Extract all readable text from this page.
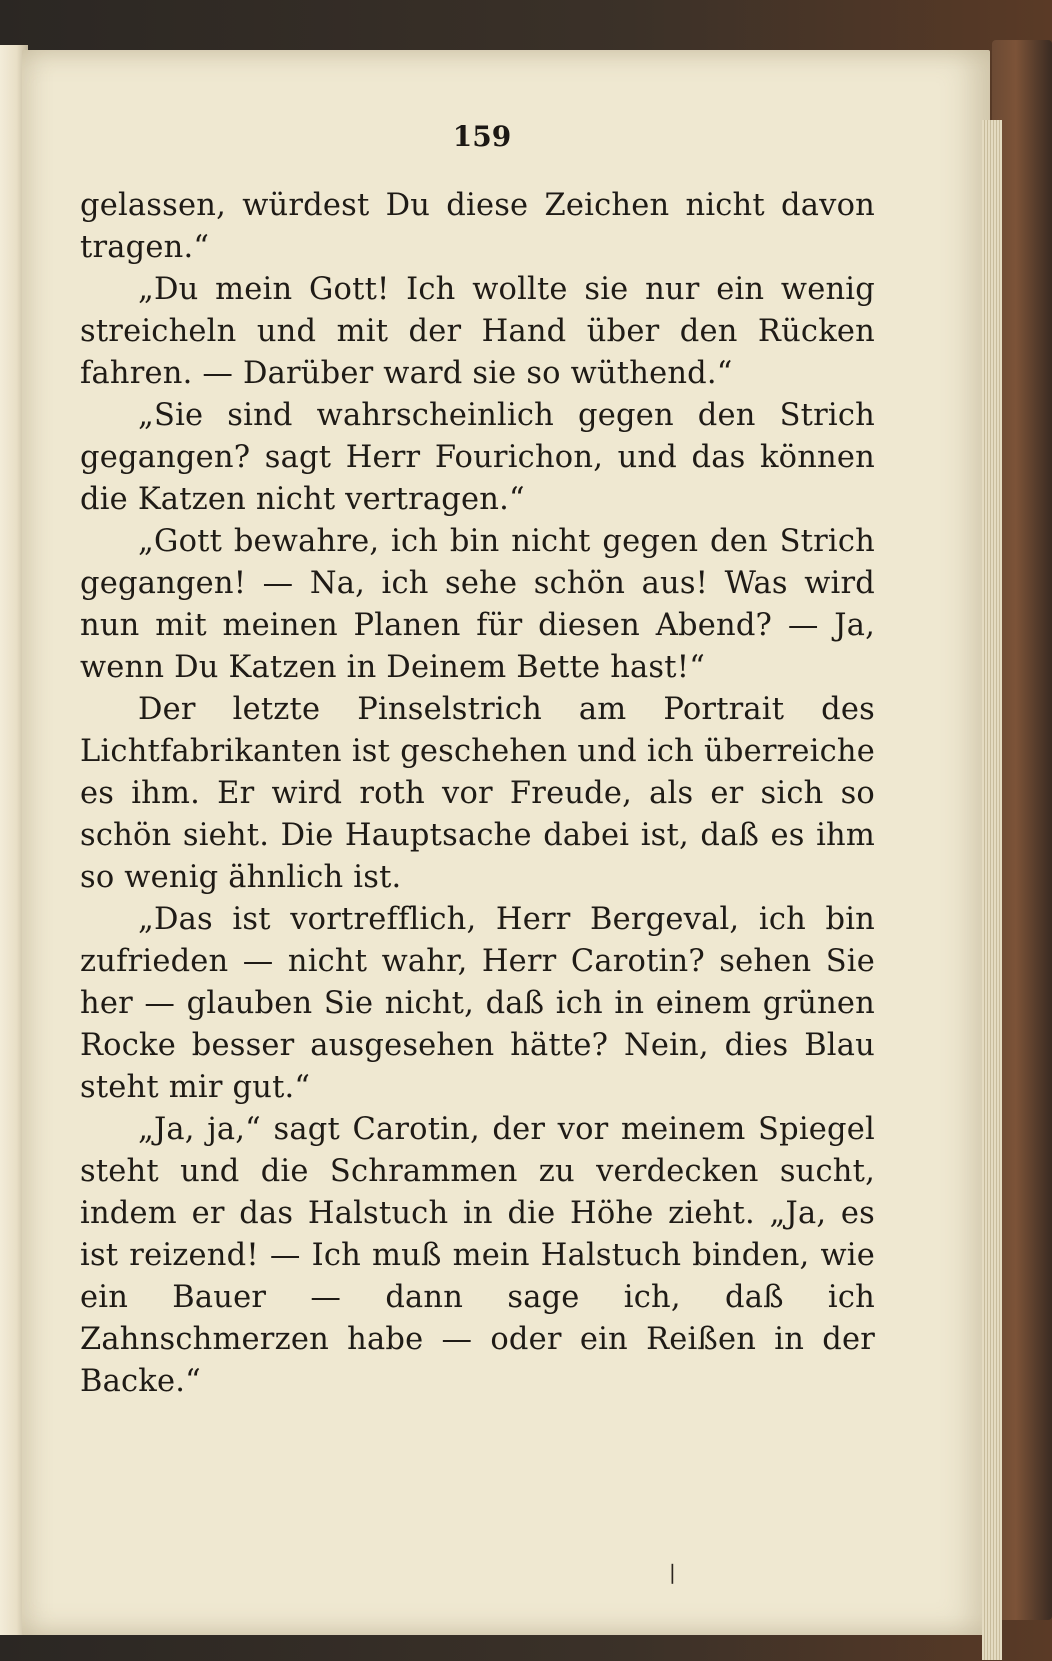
159

gelassen, würdest Du diese Zeichen nicht davon tragen.“

„Du mein Gott! Ich wollte sie nur ein wenig streicheln und mit der Hand über den Rücken fahren. — Darüber ward sie so wüthend.“

„Sie sind wahrscheinlich gegen den Strich gegangen? sagt Herr Fourichon, und das können die Katzen nicht vertragen.“

„Gott bewahre, ich bin nicht gegen den Strich gegangen! — Na, ich sehe schön aus! Was wird nun mit meinen Planen für diesen Abend? — Ja, wenn Du Katzen in Deinem Bette hast!“

Der letzte Pinselstrich am Portrait des Lichtfabrikanten ist geschehen und ich überreiche es ihm. Er wird roth vor Freude, als er sich so schön sieht. Die Hauptsache dabei ist, daß es ihm so wenig ähnlich ist.

„Das ist vortrefflich, Herr Bergeval, ich bin zufrieden — nicht wahr, Herr Carotin? sehen Sie her — glauben Sie nicht, daß ich in einem grünen Rocke besser ausgesehen hätte? Nein, dies Blau steht mir gut.“

„Ja, ja,“ sagt Carotin, der vor meinem Spiegel steht und die Schrammen zu verdecken sucht, indem er das Halstuch in die Höhe zieht. „Ja, es ist reizend! — Ich muß mein Halstuch binden, wie ein Bauer — dann sage ich, daß ich Zahnschmerzen habe — oder ein Reißen in der Backe.“

❘
